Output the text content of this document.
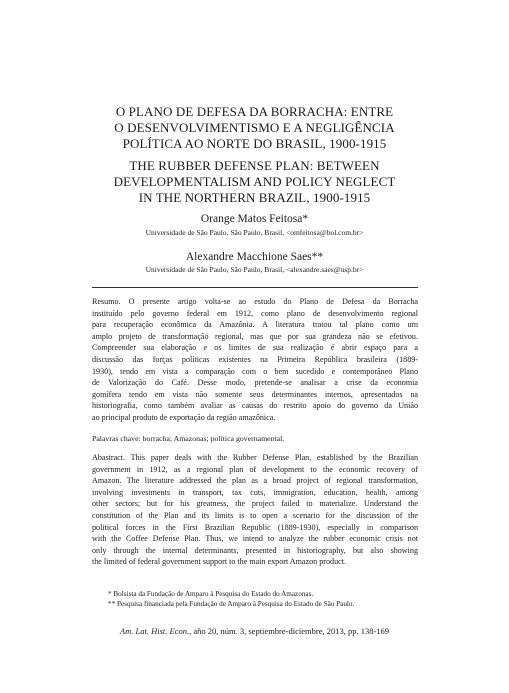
O PLANO DE DEFESA DA BORRACHA: ENTRE
O DESENVOLVIMENTISMO E A NEGLIGÊNCIA
POLÍTICA AO NORTE DO BRASIL, 1900-1915
THE RUBBER DEFENSE PLAN: BETWEEN
DEVELOPMENTALISM AND POLICY NEGLECT
IN THE NORTHERN BRAZIL, 1900-1915
Orange Matos Feitosa*
Universidade de São Paulo, São Paulo, Brasil, <omfeitosa@bol.com.br>
Alexandre Macchione Saes**
Universidade de São Paulo, São Paulo, Brasil, <alexandre.saes@usp.br>
Resumo. O presente artigo volta-se ao estudo do Plano de Defesa da Borracha
instituído pelo governo federal em 1912, como plano de desenvolvimento regional
para recuperação econômica da Amazônia. A literatura tratou tal plano como um
amplo projeto de transformação regional, mas que por sua grandeza não se efetivou.
Compreender sua elaboração e os limites de sua realização é abrir espaço para a
discussão das forças políticas existentes na Primeira República brasileira (1889-
1930), tendo em vista a comparação com o bem sucedido e contemporâneo Plano
de Valorização do Café. Desse modo, pretende-se analisar a crise da economia
gomífera tendo em vista não somente seus determinantes internos, apresentados na
historiografia, como também avaliar as causas do restrito apoio do governo da União
ao principal produto de exportação da região amazônica.
Palavras chave: borracha; Amazonas; política governamental.
Abastract. This paper deals with the Rubber Defense Plan, established by the Brazilian
government in 1912, as a regional plan of development to the economic recovery of
Amazon. The literature addressed the plan as a broad project of regional transformation,
involving investments in transport, tax cuts, immigration, education, health, among
other sectors; but for his greatness, the project failed to materialize. Understand the
constitution of the Plan and its limits is to open a scenario for the discussion of the
political forces in the First Brazilian Republic (1889-1930), especially in comparison
with the Coffee Defense Plan. Thus, we intend to analyze the rubber economic crisis not
only through the internal determinants, presented in historiography, but also showing
the limited of federal government support to the main export Amazon product.
* Bolsista da Fundação de Amparo à Pesquisa do Estado do Amazonas.
** Pesquisa financiada pela Fundação de Amparo à Pesquisa do Estado de São Paulo.
Am. Lat. Hist. Econ., año 20, núm. 3, septiembre-diciembre, 2013, pp. 138-169
